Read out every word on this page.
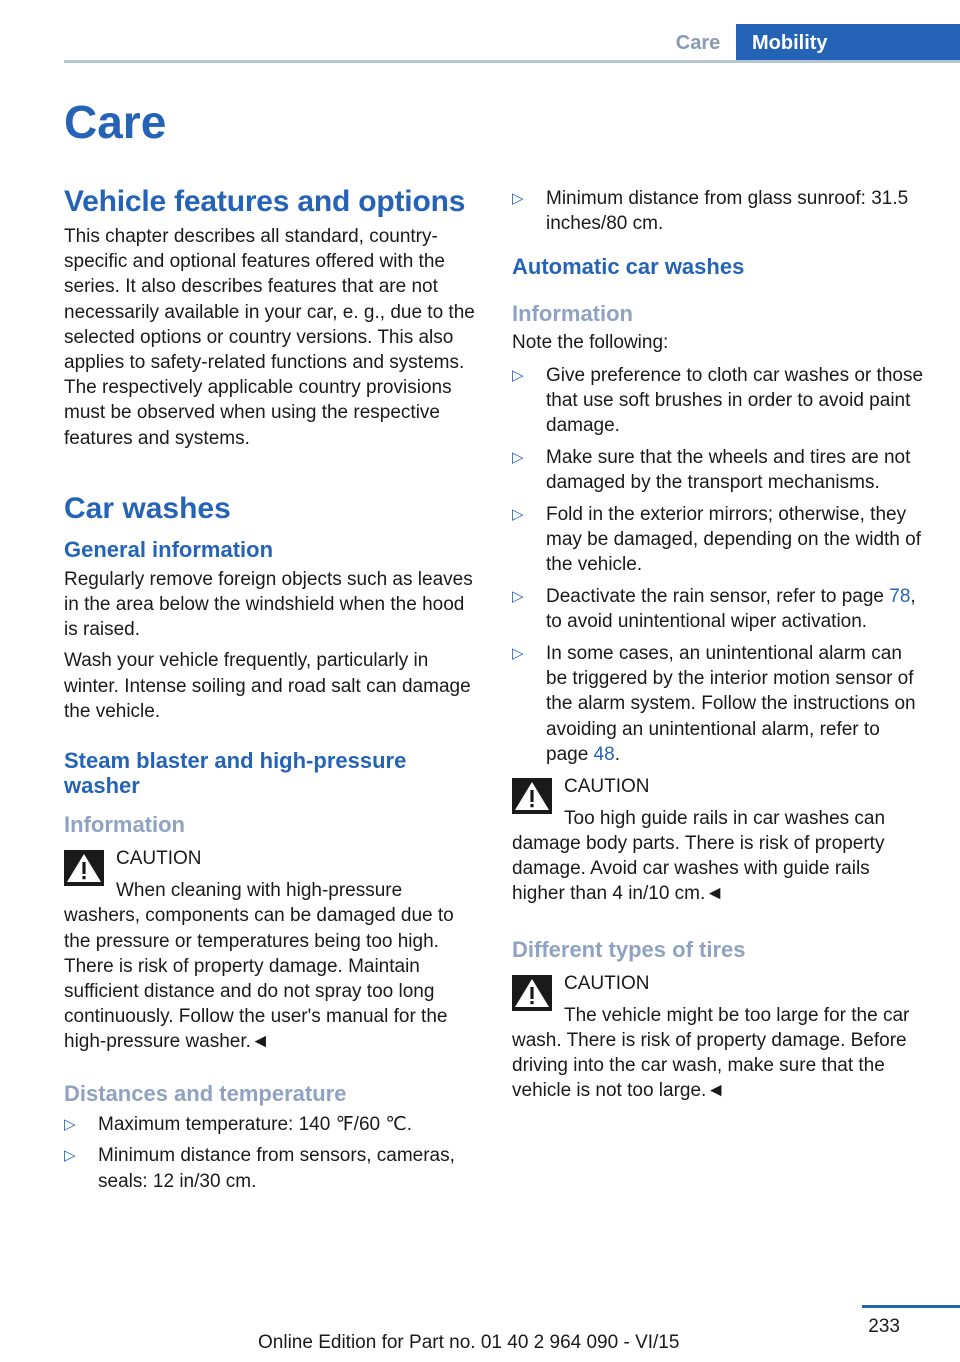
Care	Mobility
Care
Vehicle features and options

This chapter describes all standard, country-specific and optional features offered with the series. It also describes features that are not necessarily available in your car, e. g., due to the selected options or country versions. This also applies to safety-related functions and systems. The respectively applicable country provisions must be observed when using the respective features and systems.

Car washes
General information

Regularly remove foreign objects such as leaves in the area below the windshield when the hood is raised.

Wash your vehicle frequently, particularly in winter. Intense soiling and road salt can damage the vehicle.

Steam blaster and high-pressure washer
Information
CAUTION

When cleaning with high-pressure washers, components can be damaged due to the pressure or temperatures being too high. There is risk of property damage. Maintain sufficient distance and do not spray too long continuously. Follow the user's manual for the high-pressure washer.◄

Distances and temperature
▷ Maximum temperature: 140 ℉/60 ℃.
▷ Minimum distance from sensors, cameras, seals: 12 in/30 cm.
▷ Minimum distance from glass sunroof: 31.5 inches/80 cm.
Automatic car washes
Information

Note the following:

▷ Give preference to cloth car washes or those that use soft brushes in order to avoid paint damage.
▷ Make sure that the wheels and tires are not damaged by the transport mechanisms.
▷ Fold in the exterior mirrors; otherwise, they may be damaged, depending on the width of the vehicle.
▷ Deactivate the rain sensor, refer to page 78, to avoid unintentional wiper activation.
▷ In some cases, an unintentional alarm can be triggered by the interior motion sensor of the alarm system. Follow the instructions on avoiding an unintentional alarm, refer to page 48.
CAUTION

Too high guide rails in car washes can damage body parts. There is risk of property damage. Avoid car washes with guide rails higher than 4 in/10 cm.◄

Different types of tires
CAUTION

The vehicle might be too large for the car wash. There is risk of property damage. Before driving into the car wash, make sure that the vehicle is not too large.◄

233
Online Edition for Part no. 01 40 2 964 090 - VI/15
